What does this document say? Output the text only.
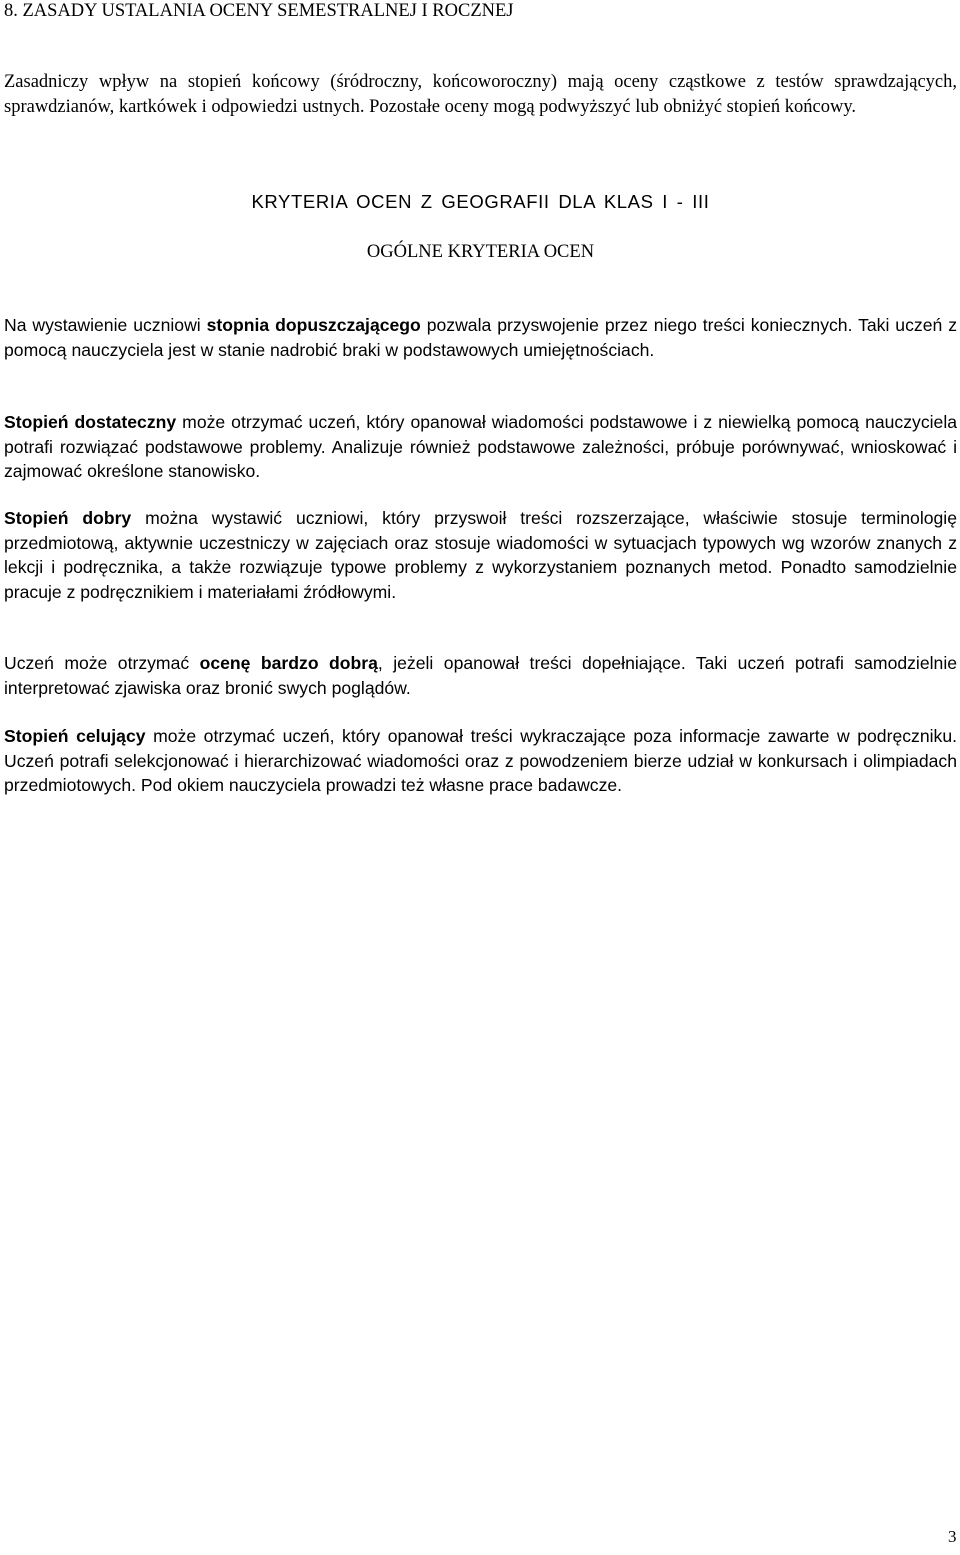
8. ZASADY USTALANIA OCENY SEMESTRALNEJ I ROCZNEJ

Zasadniczy wpływ na stopień końcowy (śródroczny, końcoworoczny) mają oceny cząstkowe z testów sprawdzających, sprawdzianów, kartkówek i odpowiedzi ustnych. Pozostałe oceny mogą podwyższyć lub obniżyć stopień końcowy.

KRYTERIA OCEN Z GEOGRAFII DLA KLAS I - III
OGÓLNE KRYTERIA OCEN

Na wystawienie uczniowi stopnia dopuszczającego pozwala przyswojenie przez niego treści koniecznych. Taki uczeń z pomocą nauczyciela jest w stanie nadrobić braki w podstawowych umiejętnościach.

Stopień dostateczny może otrzymać uczeń, który opanował wiadomości podstawowe i z niewielką pomocą nauczyciela potrafi rozwiązać podstawowe problemy. Analizuje również podstawowe zależności, próbuje porównywać, wnioskować i zajmować określone stanowisko.

Stopień dobry można wystawić uczniowi, który przyswoił treści rozszerzające, właściwie stosuje terminologię przedmiotową, aktywnie uczestniczy w zajęciach oraz stosuje wiadomości w sytuacjach typowych wg wzorów znanych z lekcji i podręcznika, a także rozwiązuje typowe problemy z wykorzystaniem poznanych metod. Ponadto samodzielnie pracuje z podręcznikiem i materiałami źródłowymi.

Uczeń może otrzymać ocenę bardzo dobrą, jeżeli opanował treści dopełniające. Taki uczeń potrafi samodzielnie interpretować zjawiska oraz bronić swych poglądów.

Stopień celujący może otrzymać uczeń, który opanował treści wykraczające poza informacje zawarte w podręczniku. Uczeń potrafi selekcjonować i hierarchizować wiadomości oraz z powodzeniem bierze udział w konkursach i olimpiadach przedmiotowych. Pod okiem nauczyciela prowadzi też własne prace badawcze.

3
